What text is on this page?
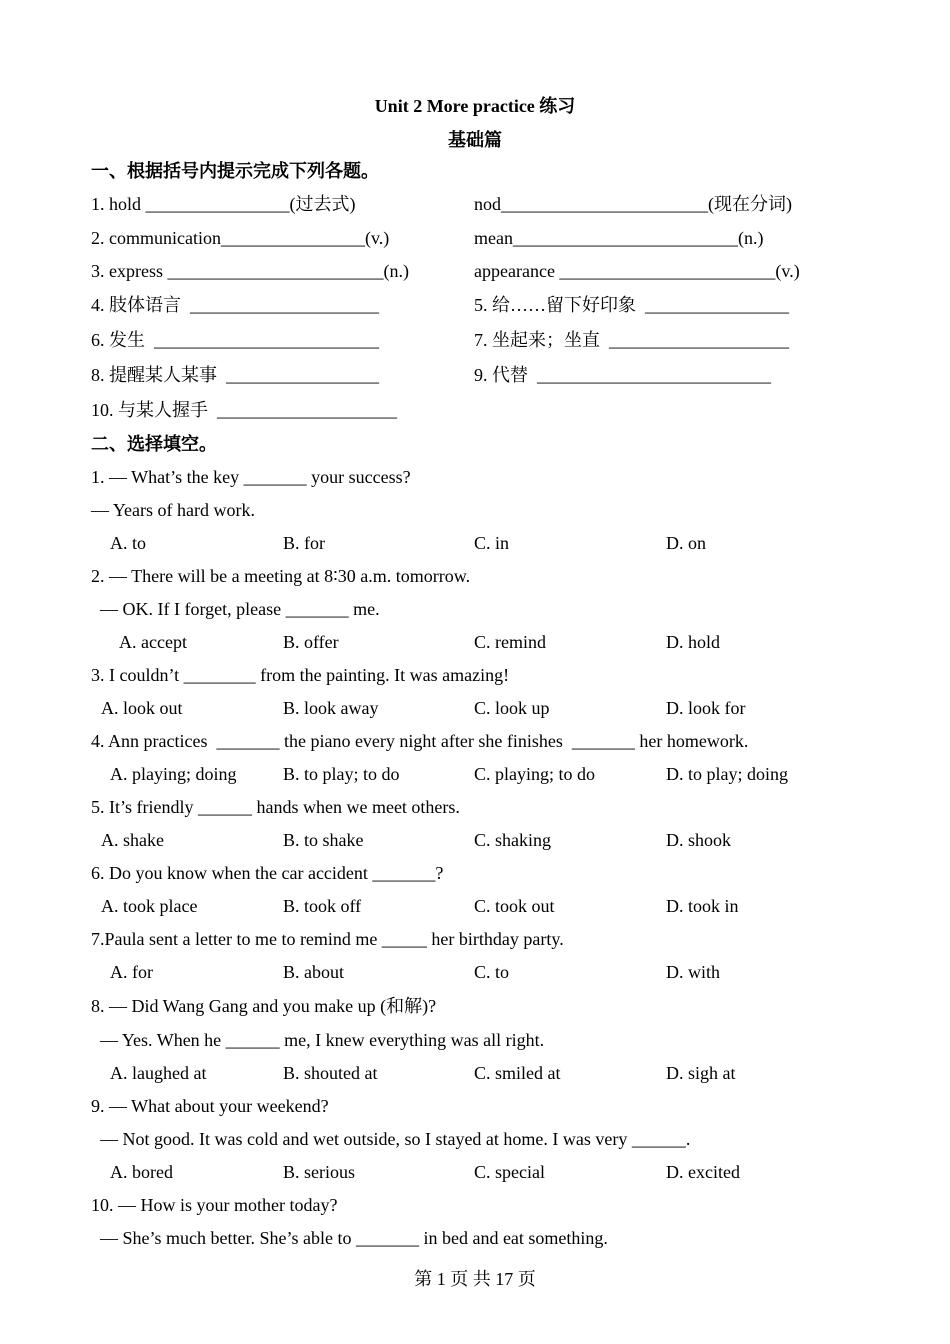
Unit 2 More practice 练习
基础篇
一、根据括号内提示完成下列各题。
1. hold ________________(过去式)	nod_______________________(现在分词)
2. communication________________(v.)	mean_________________________(n.)
3. express ________________________(n.)	appearance ________________________(v.)
4. 肢体语言  _____________________	5. 给……留下好印象  ________________
6. 发生  _________________________	7. 坐起来；坐直  ____________________
8. 提醒某人某事  _________________	9. 代替  __________________________
10. 与某人握手  ____________________
二、选择填空。
1. — What’s the key _______ your success?
— Years of hard work.
A. to	B. for	C. in	D. on
2. — There will be a meeting at 8∶30 a.m. tomorrow.
— OK. If I forget, please _______ me.
A. accept	B. offer	C. remind	D. hold
3. I couldn’t ________ from the painting. It was amazing!
A. look out	B. look away	C. look up	D. look for
4. Ann practices  _______ the piano every night after she finishes  _______ her homework.
A. playing; doing	B. to play; to do	C. playing; to do	D. to play; doing
5. It’s friendly ______ hands when we meet others.
A. shake	B. to shake	C. shaking	D. shook
6. Do you know when the car accident _______?
A. took place	B. took off	C. took out	D. took in
7.Paula sent a letter to me to remind me _____ her birthday party.
A. for	B. about	C. to	D. with
8. — Did Wang Gang and you make up (和解)?
— Yes. When he ______ me, I knew everything was all right.
A. laughed at	B. shouted at	C. smiled at	D. sigh at
9. — What about your weekend?
— Not good. It was cold and wet outside, so I stayed at home. I was very ______.
A. bored	B. serious	C. special	D. excited
10. — How is your mother today?
— She’s much better. She’s able to _______ in bed and eat something.
第 1 页 共 17 页
